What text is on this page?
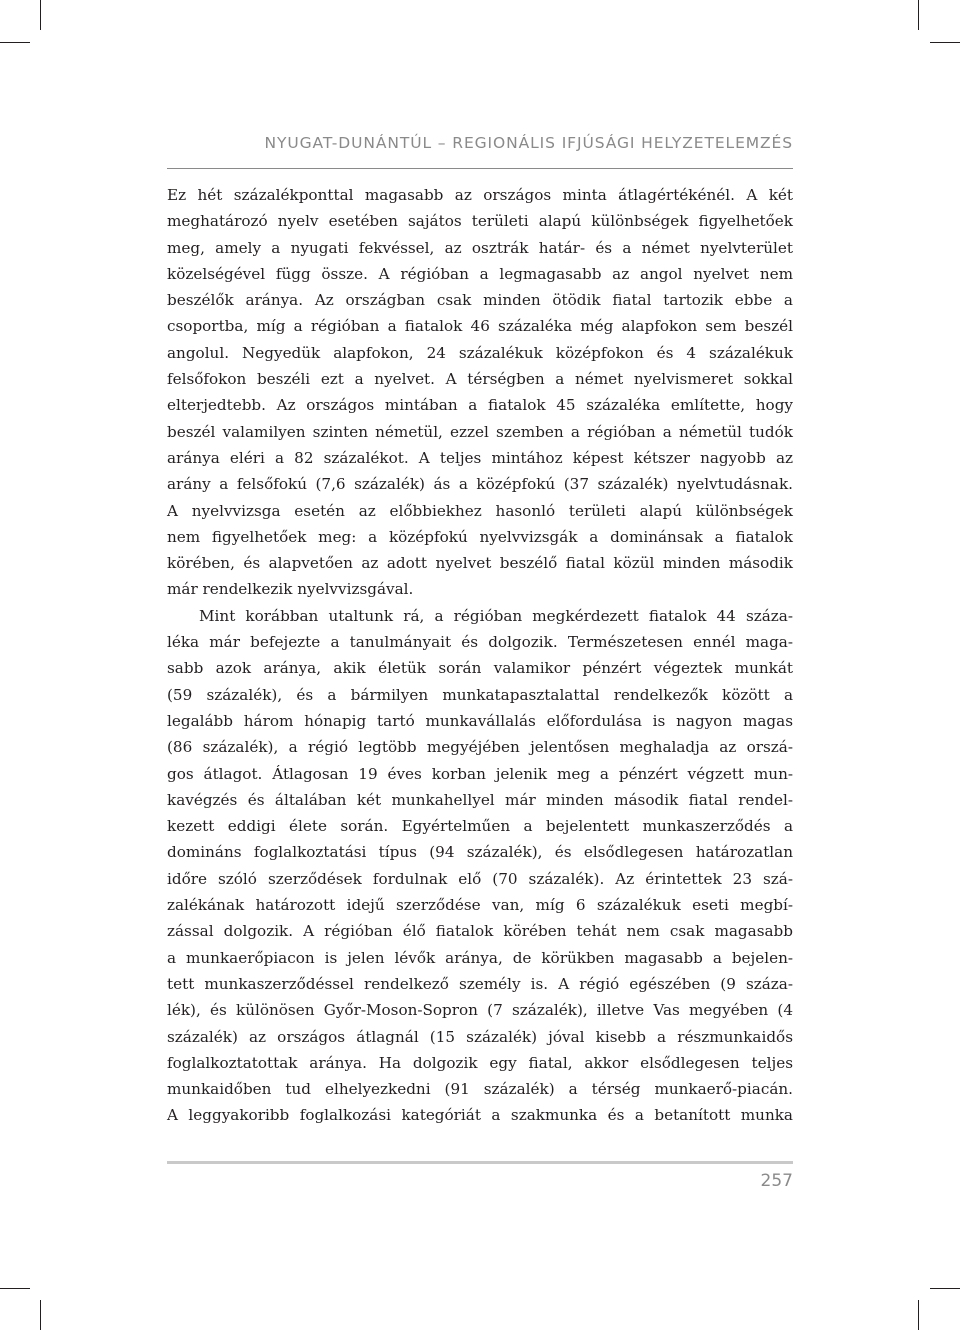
NYUGAT-DUNÁNTÚL – REGIONÁLIS IFJÚSÁGI HELYZETELEMZÉS
Ez hét százalékponttal magasabb az országos minta átlagértékénél. A két
meghatározó nyelv esetében sajátos területi alapú különbségek figyelhetőek
meg, amely a nyugati fekvéssel, az osztrák határ- és a német nyelvterület
közelségével függ össze. A régióban a legmagasabb az angol nyelvet nem
beszélők aránya. Az országban csak minden ötödik fiatal tartozik ebbe a
csoportba, míg a régióban a fiatalok 46 százaléka még alapfokon sem beszél
angolul. Negyedük alapfokon, 24 százalékuk középfokon és 4 százalékuk
felsőfokon beszéli ezt a nyelvet. A térségben a német nyelvismeret sokkal
elterjedtebb. Az országos mintában a fiatalok 45 százaléka említette, hogy
beszél valamilyen szinten németül, ezzel szemben a régióban a németül tudók
aránya eléri a 82 százalékot. A teljes mintához képest kétszer nagyobb az
arány a felsőfokú (7,6 százalék) ás a középfokú (37 százalék) nyelvtudásnak.
A nyelvvizsga esetén az előbbiekhez hasonló területi alapú különbségek
nem figyelhetőek meg: a középfokú nyelvvizsgák a dominánsak a fiatalok
körében, és alapvetően az adott nyelvet beszélő fiatal közül minden második
már rendelkezik nyelvvizsgával.
Mint korábban utaltunk rá, a régióban megkérdezett fiatalok 44 száza-
léka már befejezte a tanulmányait és dolgozik. Természetesen ennél maga-
sabb azok aránya, akik életük során valamikor pénzért végeztek munkát
(59 százalék), és a bármilyen munkatapasztalattal rendelkezők között a
legalább három hónapig tartó munkavállalás előfordulása is nagyon magas
(86 százalék), a régió legtöbb megyéjében jelentősen meghaladja az orszá-
gos átlagot. Átlagosan 19 éves korban jelenik meg a pénzért végzett mun-
kavégzés és általában két munkahellyel már minden második fiatal rendel-
kezett eddigi élete során. Egyértelműen a bejelentett munkaszerződés a
domináns foglalkoztatási típus (94 százalék), és elsődlegesen határozatlan
időre szóló szerződések fordulnak elő (70 százalék). Az érintettek 23 szá-
zalékának határozott idejű szerződése van, míg 6 százalékuk eseti megbí-
zással dolgozik. A régióban élő fiatalok körében tehát nem csak magasabb
a munkaerőpiacon is jelen lévők aránya, de körükben magasabb a bejelen-
tett munkaszerződéssel rendelkező személy is. A régió egészében (9 száza-
lék), és különösen Győr-Moson-Sopron (7 százalék), illetve Vas megyében (4
százalék) az országos átlagnál (15 százalék) jóval kisebb a részmunkaidős
foglalkoztatottak aránya. Ha dolgozik egy fiatal, akkor elsődlegesen teljes
munkaidőben tud elhelyezkedni (91 százalék) a térség munkaerő-piacán.
A leggyakoribb foglalkozási kategóriát a szakmunka és a betanított munka
257
